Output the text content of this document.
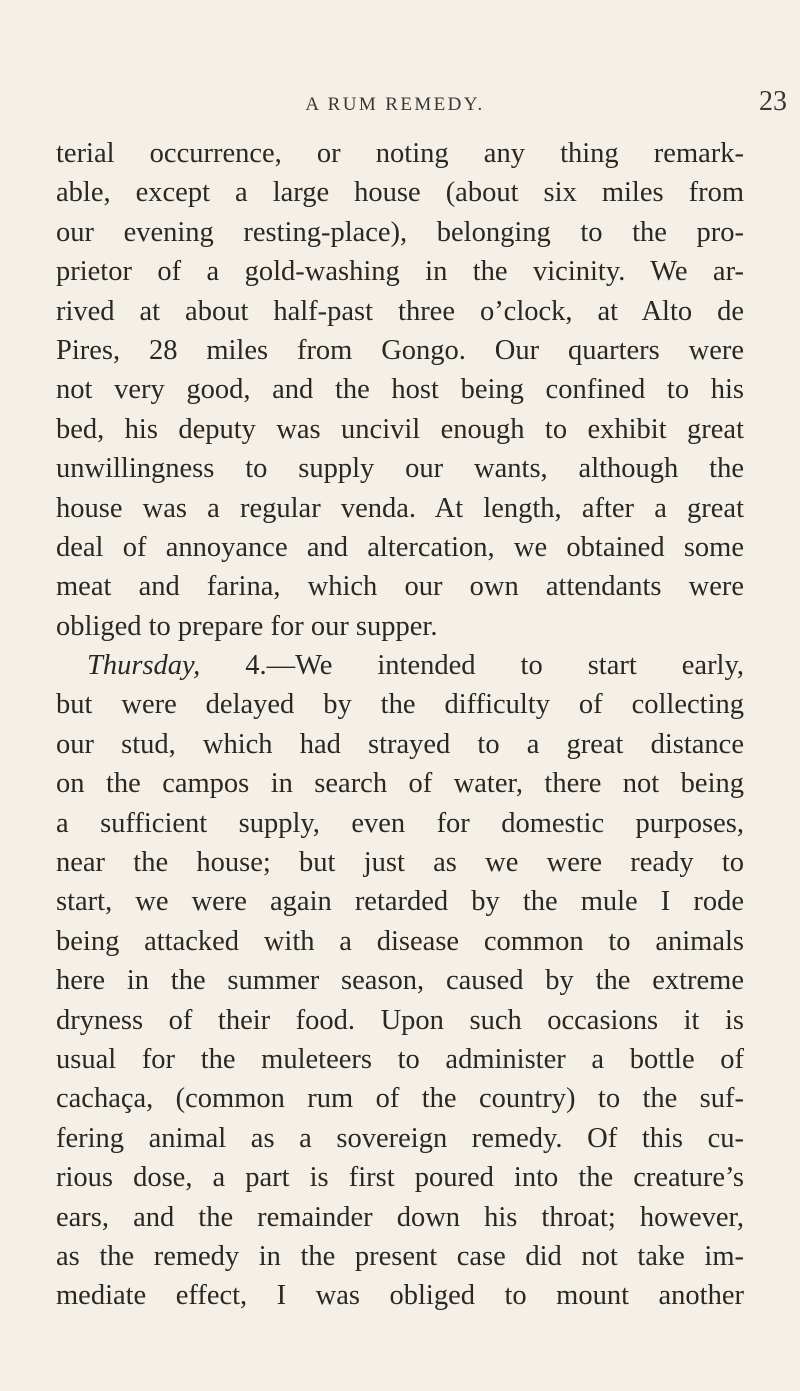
A RUM REMEDY.	23
terial occurrence, or noting any thing remark-
able, except a large house (about six miles from
our evening resting-place), belonging to the pro-
prietor of a gold-washing in the vicinity. We ar-
rived at about half-past three o’clock, at Alto de
Pires, 28 miles from Gongo. Our quarters were
not very good, and the host being confined to his
bed, his deputy was uncivil enough to exhibit great
unwillingness to supply our wants, although the
house was a regular venda. At length, after a great
deal of annoyance and altercation, we obtained some
meat and farina, which our own attendants were
obliged to prepare for our supper.
Thursday, 4.—We intended to start early,
but were delayed by the difficulty of collecting
our stud, which had strayed to a great distance
on the campos in search of water, there not being
a sufficient supply, even for domestic purposes,
near the house; but just as we were ready to
start, we were again retarded by the mule I rode
being attacked with a disease common to animals
here in the summer season, caused by the extreme
dryness of their food. Upon such occasions it is
usual for the muleteers to administer a bottle of
cachaça, (common rum of the country) to the suf-
fering animal as a sovereign remedy. Of this cu-
rious dose, a part is first poured into the creature’s
ears, and the remainder down his throat; however,
as the remedy in the present case did not take im-
mediate effect, I was obliged to mount another
